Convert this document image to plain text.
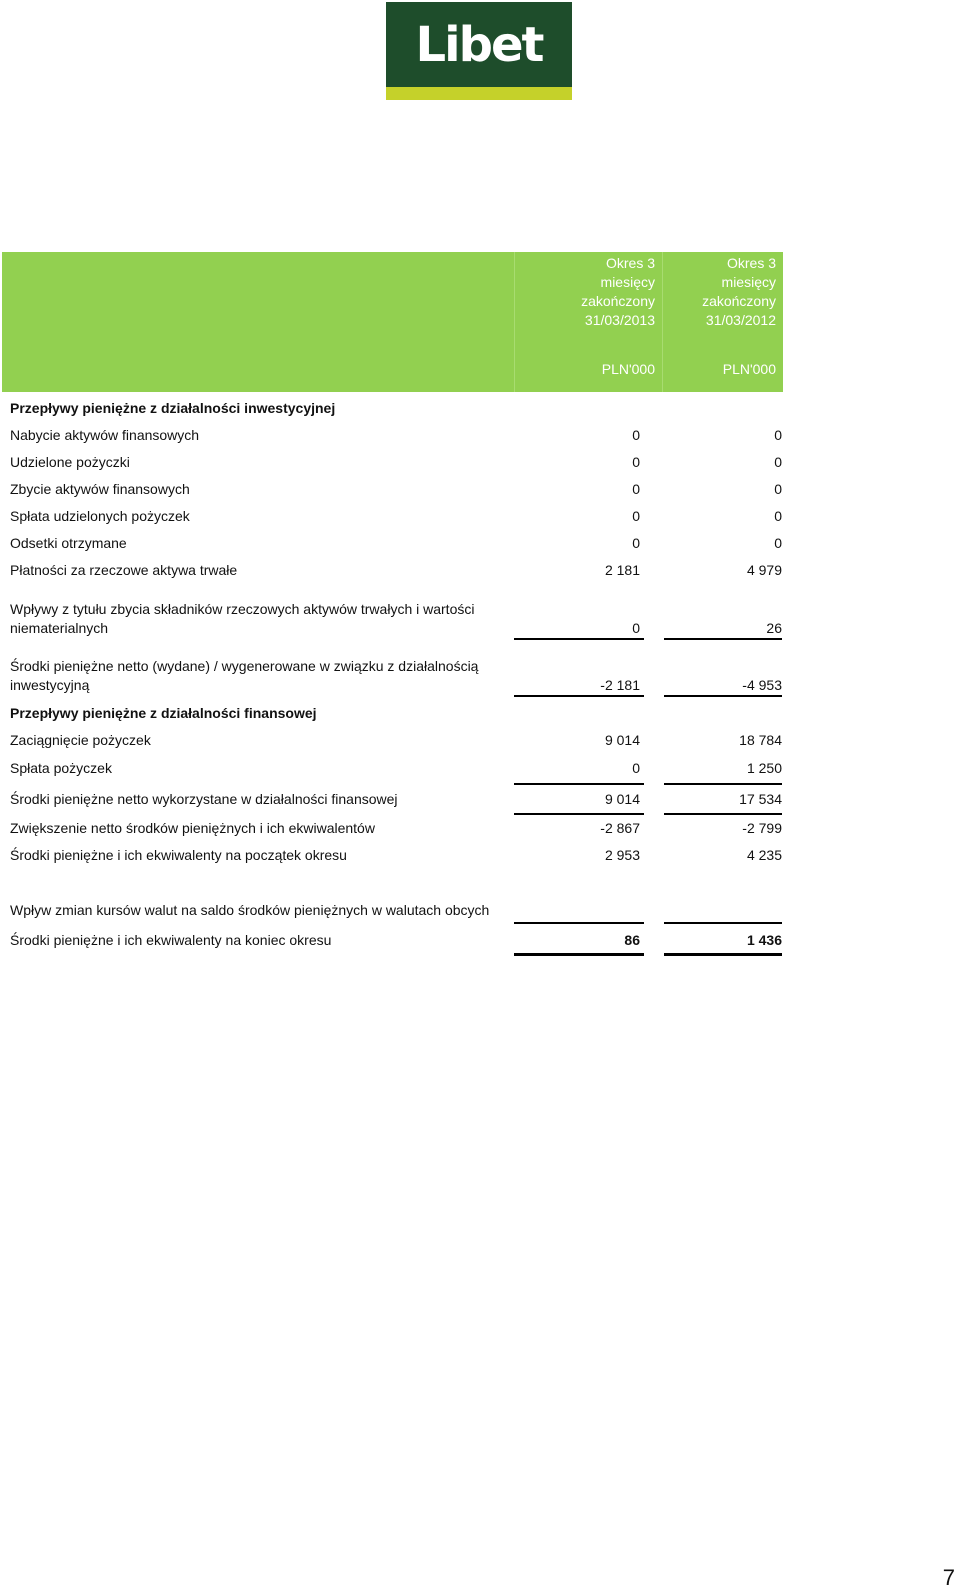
Libet
Okres 3
miesięcy
zakończony
31/03/2013
PLN'000
Okres 3
miesięcy
zakończony
31/03/2012
PLN'000
Przepływy pieniężne z działalności inwestycyjnej
Nabycie aktywów finansowych	0	0
Udzielone pożyczki	0	0
Zbycie aktywów finansowych	0	0
Spłata udzielonych pożyczek	0	0
Odsetki otrzymane	0	0
Płatności za rzeczowe aktywa trwałe	2 181	4 979
Wpływy z tytułu zbycia składników rzeczowych aktywów trwałych i wartości niematerialnych	0	26
Środki pieniężne netto (wydane) / wygenerowane w związku z działalnością inwestycyjną	-2 181	-4 953
Przepływy pieniężne z działalności finansowej
Zaciągnięcie pożyczek	9 014	18 784
Spłata pożyczek	0	1 250
Środki pieniężne netto wykorzystane w działalności finansowej	9 014	17 534
Zwiększenie netto środków pieniężnych i ich ekwiwalentów	-2 867	-2 799
Środki pieniężne i ich ekwiwalenty na początek okresu	2 953	4 235
Wpływ zmian kursów walut na saldo środków pieniężnych w walutach obcych
Środki pieniężne i ich ekwiwalenty na koniec okresu	86	1 436
7
